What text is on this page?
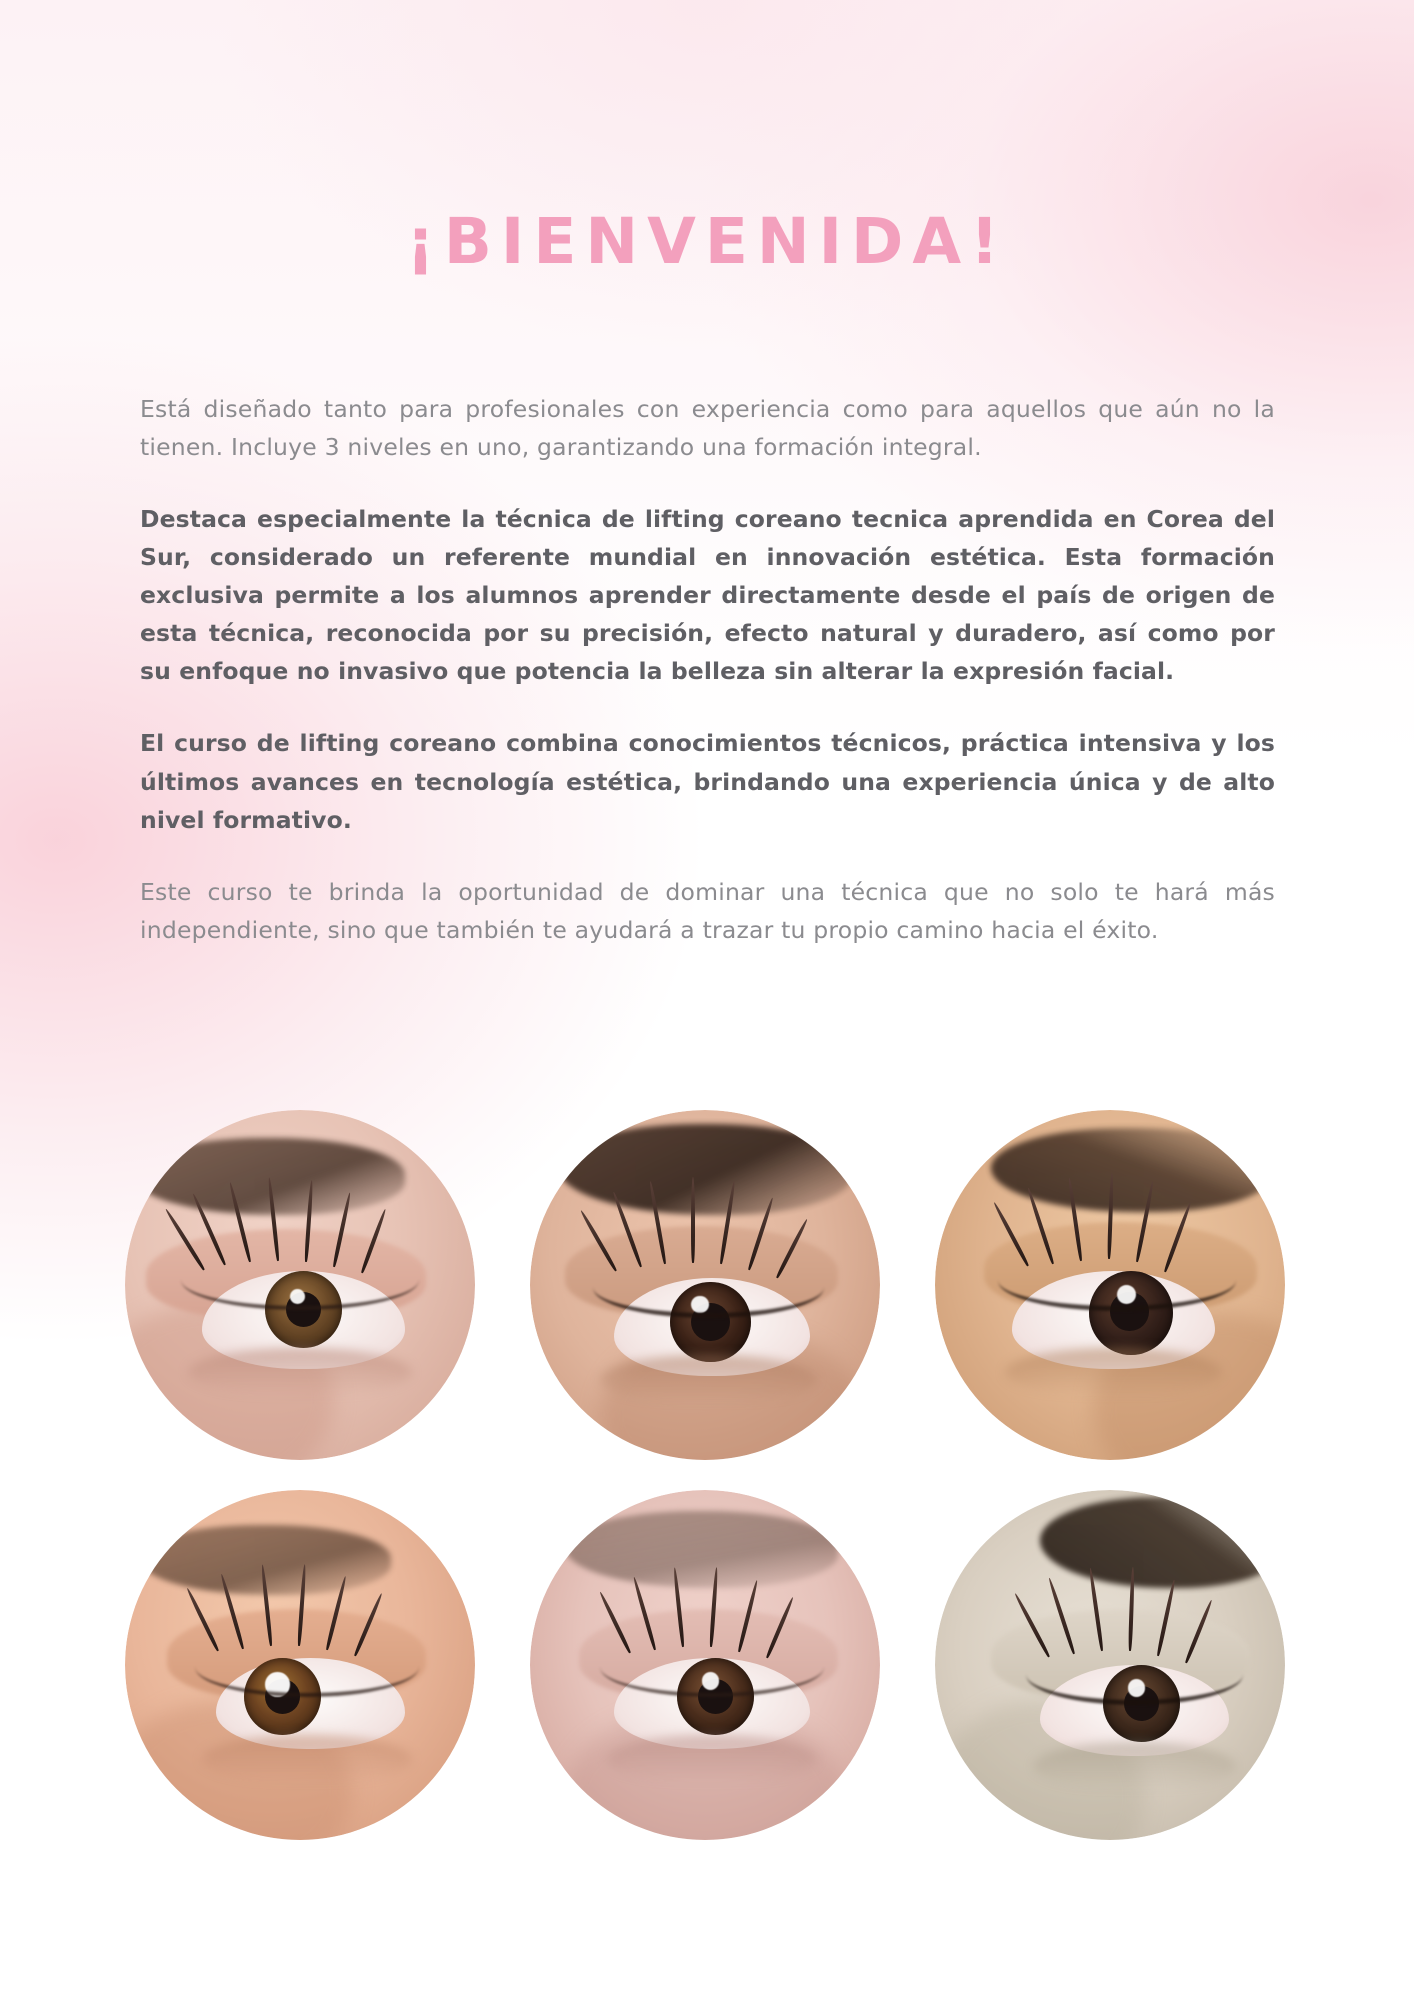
¡BIENVENIDA!

Está diseñado tanto para profesionales con experiencia como para aquellos que aún no la tienen. Incluye 3 niveles en uno, garantizando una formación integral.

Destaca especialmente la técnica de lifting coreano tecnica aprendida en Corea del Sur, considerado un referente mundial en innovación estética. Esta formación exclusiva permite a los alumnos aprender directamente desde el país de origen de esta técnica, reconocida por su precisión, efecto natural y duradero, así como por su enfoque no invasivo que potencia la belleza sin alterar la expresión facial.

El curso de lifting coreano combina conocimientos técnicos, práctica intensiva y los últimos avances en tecnología estética, brindando una experiencia única y de alto nivel formativo.

Este curso te brinda la oportunidad de dominar una técnica que no solo te hará más independiente, sino que también te ayudará a trazar tu propio camino hacia el éxito.
